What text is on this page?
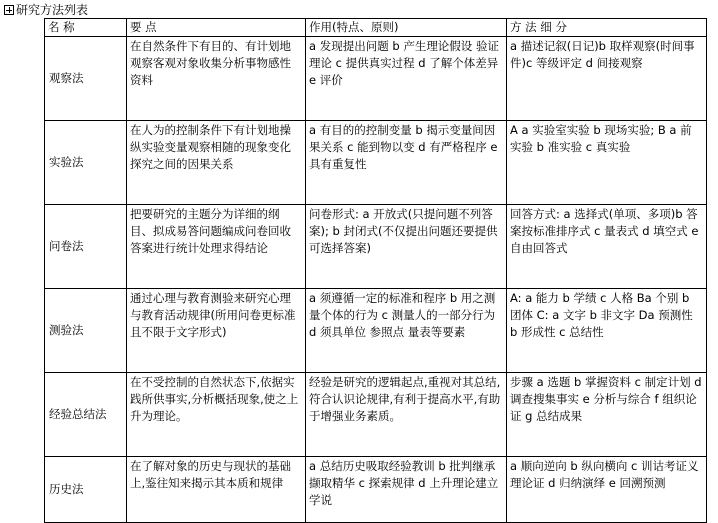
研究方法列表
名 称	要 点	作用(特点、原则)	方 法 细 分
观察法	在自然条件下有目的、有计划地观察客观对象收集分析事物感性资料	a 发现提出问题 b 产生理论假设 验证理论 c 提供真实过程 d 了解个体差异 e 评价	a 描述记叙(日记)b 取样观察(时间事件)c 等级评定 d 间接观察
实验法	在人为的控制条件下有计划地操纵实验变量观察相随的现象变化探究之间的因果关系	a 有目的的控制变量 b 揭示变量间因果关系 c 能到物以变 d 有严格程序 e 具有重复性	A a 实验室实验 b 现场实验; B a 前实验 b 准实验 c 真实验
问卷法	把要研究的主题分为详细的纲目、拟成易答问题编成问卷回收答案进行统计处理求得结论	问卷形式: a 开放式(只提问题不列答案); b 封闭式(不仅提出问题还要提供可选择答案)	回答方式: a 选择式(单项、多项)b 答案按标准排序式 c 量表式 d 填空式 e 自由回答式
测验法	通过心理与教育测验来研究心理与教育活动规律(所用问卷更标准且不限于文字形式)	a 须遵循一定的标准和程序 b 用之测量个体的行为 c 测量人的一部分行为 d 须具单位 参照点 量表等要素	A: a 能力 b 学绩 c 人格 Ba 个别 b 团体 C: a 文字 b 非文字 Da 预测性 b 形成性 c 总结性
经验总结法	在不受控制的自然状态下,依据实践所供事实,分析概括现象,使之上升为理论。	经验是研究的逻辑起点,重视对其总结,符合认识论规律,有利于提高水平,有助于增强业务素质。	步骤 a 选题 b 掌握资料 c 制定计划 d 调查搜集事实 e 分析与综合 f 组织论证 g 总结成果
历史法	在了解对象的历史与现状的基础上,鉴往知来揭示其本质和规律	a 总结历史吸取经验教训 b 批判继承撷取精华 c 探索规律 d 上升理论建立学说	a 顺向逆向 b 纵向横向 c 训诂考证义理论证 d 归纳演绎 e 回溯预测
